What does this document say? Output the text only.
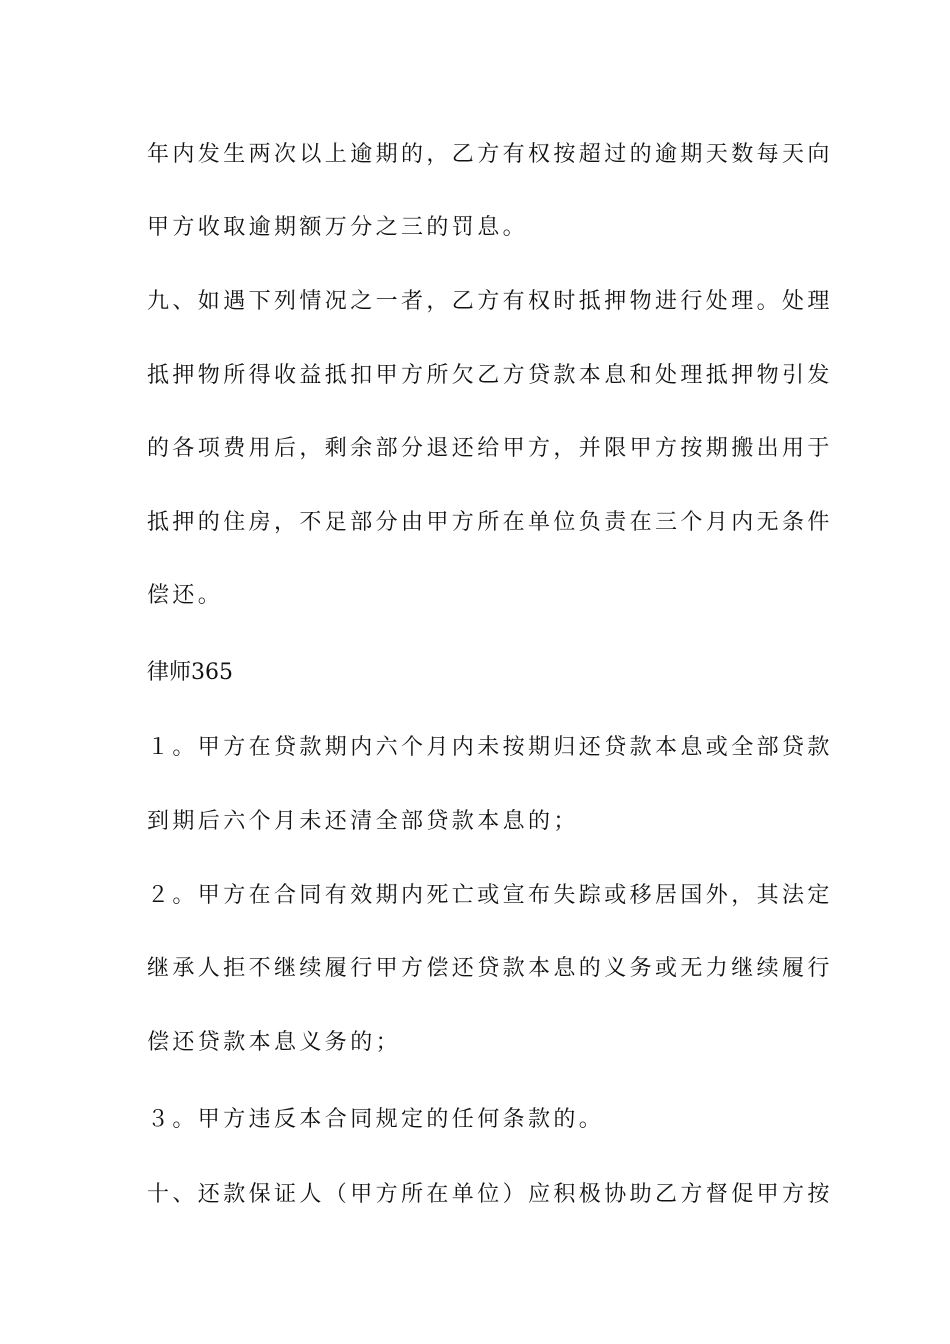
年内发生两次以上逾期的，乙方有权按超过的逾期天数每天向
甲方收取逾期额万分之三的罚息。
九、如遇下列情况之一者，乙方有权时抵押物进行处理。处理
抵押物所得收益抵扣甲方所欠乙方贷款本息和处理抵押物引发
的各项费用后，剩余部分退还给甲方，并限甲方按期搬出用于
抵押的住房，不足部分由甲方所在单位负责在三个月内无条件
偿还。
律师365
１。甲方在贷款期内六个月内未按期归还贷款本息或全部贷款
到期后六个月未还清全部贷款本息的；
２。甲方在合同有效期内死亡或宣布失踪或移居国外，其法定
继承人拒不继续履行甲方偿还贷款本息的义务或无力继续履行
偿还贷款本息义务的；
３。甲方违反本合同规定的任何条款的。
十、还款保证人（甲方所在单位）应积极协助乙方督促甲方按
